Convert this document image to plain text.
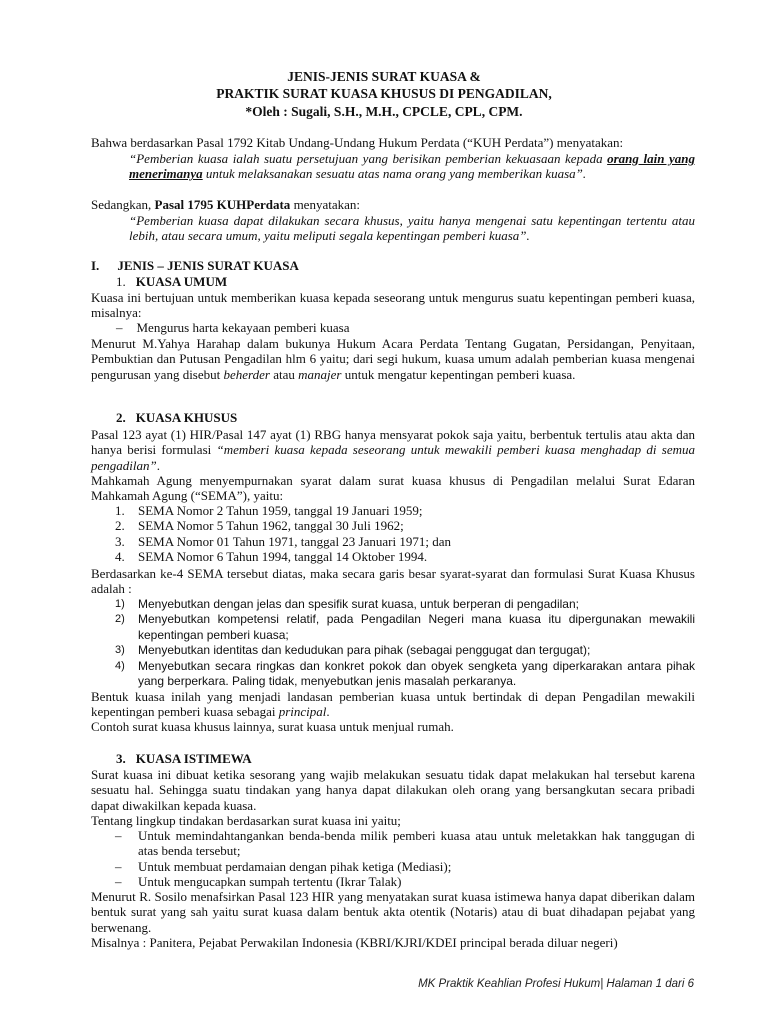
JENIS-JENIS SURAT KUASA &
PRAKTIK SURAT KUASA KHUSUS DI PENGADILAN,
*Oleh : Sugali, S.H., M.H., CPCLE, CPL, CPM.
Bahwa berdasarkan Pasal 1792 Kitab Undang-Undang Hukum Perdata (“KUH Perdata”) menyatakan:
“Pemberian kuasa ialah suatu persetujuan yang berisikan pemberian kekuasaan kepada orang lain yang menerimanya untuk melaksanakan sesuatu atas nama orang yang memberikan kuasa”.
Sedangkan, Pasal 1795 KUHPerdata menyatakan:
“Pemberian kuasa dapat dilakukan secara khusus, yaitu hanya mengenai satu kepentingan tertentu atau lebih, atau secara umum, yaitu meliputi segala kepentingan pemberi kuasa”.
I. JENIS – JENIS SURAT KUASA
1. KUASA UMUM
Kuasa ini bertujuan untuk memberikan kuasa kepada seseorang untuk mengurus suatu kepentingan pemberi kuasa, misalnya:
– Mengurus harta kekayaan pemberi kuasa
Menurut M.Yahya Harahap dalam bukunya Hukum Acara Perdata Tentang Gugatan, Persidangan, Penyitaan, Pembuktian dan Putusan Pengadilan hlm 6 yaitu; dari segi hukum, kuasa umum adalah pemberian kuasa mengenai pengurusan yang disebut beherder atau manajer untuk mengatur kepentingan pemberi kuasa.
2. KUASA KHUSUS
Pasal 123 ayat (1) HIR/Pasal 147 ayat (1) RBG hanya mensyarat pokok saja yaitu, berbentuk tertulis atau akta dan hanya berisi formulasi “memberi kuasa kepada seseorang untuk mewakili pemberi kuasa menghadap di semua pengadilan”.
Mahkamah Agung menyempurnakan syarat dalam surat kuasa khusus di Pengadilan melalui Surat Edaran Mahkamah Agung (“SEMA”), yaitu:
1. SEMA Nomor 2 Tahun 1959, tanggal 19 Januari 1959;
2. SEMA Nomor 5 Tahun 1962, tanggal 30 Juli 1962;
3. SEMA Nomor 01 Tahun 1971, tanggal 23 Januari 1971; dan
4. SEMA Nomor 6 Tahun 1994, tanggal 14 Oktober 1994.
Berdasarkan ke-4 SEMA tersebut diatas, maka secara garis besar syarat-syarat dan formulasi Surat Kuasa Khusus adalah :
1) Menyebutkan dengan jelas dan spesifik surat kuasa, untuk berperan di pengadilan;
2) Menyebutkan kompetensi relatif, pada Pengadilan Negeri mana kuasa itu dipergunakan mewakili kepentingan pemberi kuasa;
3) Menyebutkan identitas dan kedudukan para pihak (sebagai penggugat dan tergugat);
4) Menyebutkan secara ringkas dan konkret pokok dan obyek sengketa yang diperkarakan antara pihak yang berperkara. Paling tidak, menyebutkan jenis masalah perkaranya.
Bentuk kuasa inilah yang menjadi landasan pemberian kuasa untuk bertindak di depan Pengadilan mewakili kepentingan pemberi kuasa sebagai principal.
Contoh surat kuasa khusus lainnya, surat kuasa untuk menjual rumah.
3. KUASA ISTIMEWA
Surat kuasa ini dibuat ketika sesorang yang wajib melakukan sesuatu tidak dapat melakukan hal tersebut karena sesuatu hal. Sehingga suatu tindakan yang hanya dapat dilakukan oleh orang yang bersangkutan secara pribadi dapat diwakilkan kepada kuasa.
Tentang lingkup tindakan berdasarkan surat kuasa ini yaitu;
– Untuk memindahtangankan benda-benda milik pemberi kuasa atau untuk meletakkan hak tanggugan di atas benda tersebut;
– Untuk membuat perdamaian dengan pihak ketiga (Mediasi);
– Untuk mengucapkan sumpah tertentu (Ikrar Talak)
Menurut R. Sosilo menafsirkan Pasal 123 HIR yang menyatakan surat kuasa istimewa hanya dapat diberikan dalam bentuk surat yang sah yaitu surat kuasa dalam bentuk akta otentik (Notaris) atau di buat dihadapan pejabat yang berwenang.
Misalnya : Panitera, Pejabat Perwakilan Indonesia (KBRI/KJRI/KDEI principal berada diluar negeri)
MK Praktik Keahlian Profesi Hukum| Halaman 1 dari 6
